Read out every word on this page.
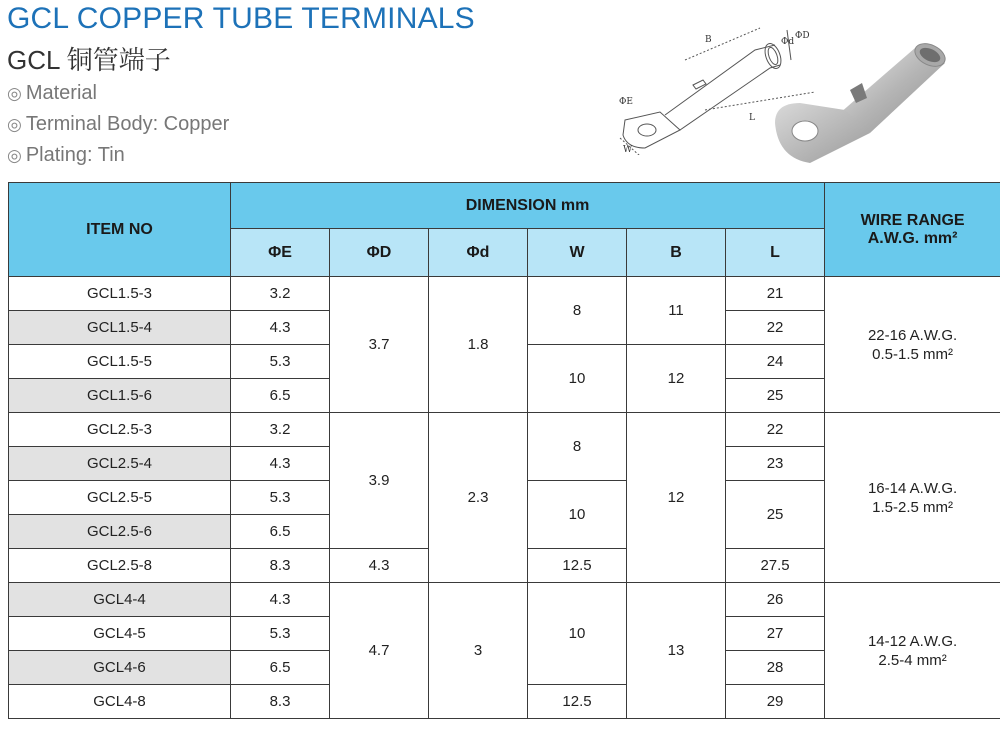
GCL COPPER TUBE TERMINALS
GCL 铜管端子
◎ Material
◎ Terminal Body: Copper
◎ Plating: Tin
B	Φd
ΦD
ΦE
W
L
ITEM NO	DIMENSION mm						WIRE RANGE
A.W.G. mm²

	ΦE	ΦD	Φd	W	B	L	
GCL1.5-3	3.2	3.7	1.8	8	11	21	22-16 A.W.G.
0.5-1.5 mm²

GCL1.5-4	4.3					22	
GCL1.5-5	5.3			10	12	24	
GCL1.5-6	6.5					25	
GCL2.5-3	3.2	3.9	2.3	8	12	22	16-14 A.W.G.
1.5-2.5 mm²

GCL2.5-4	4.3					23	
GCL2.5-5	5.3			10		25	
GCL2.5-6	6.5						
GCL2.5-8	8.3	4.3		12.5		27.5	
GCL4-4	4.3	4.7	3	10	13	26	14-12 A.W.G.
2.5-4 mm²

GCL4-5	5.3					27	
GCL4-6	6.5					28	
GCL4-8	8.3			12.5		29	
